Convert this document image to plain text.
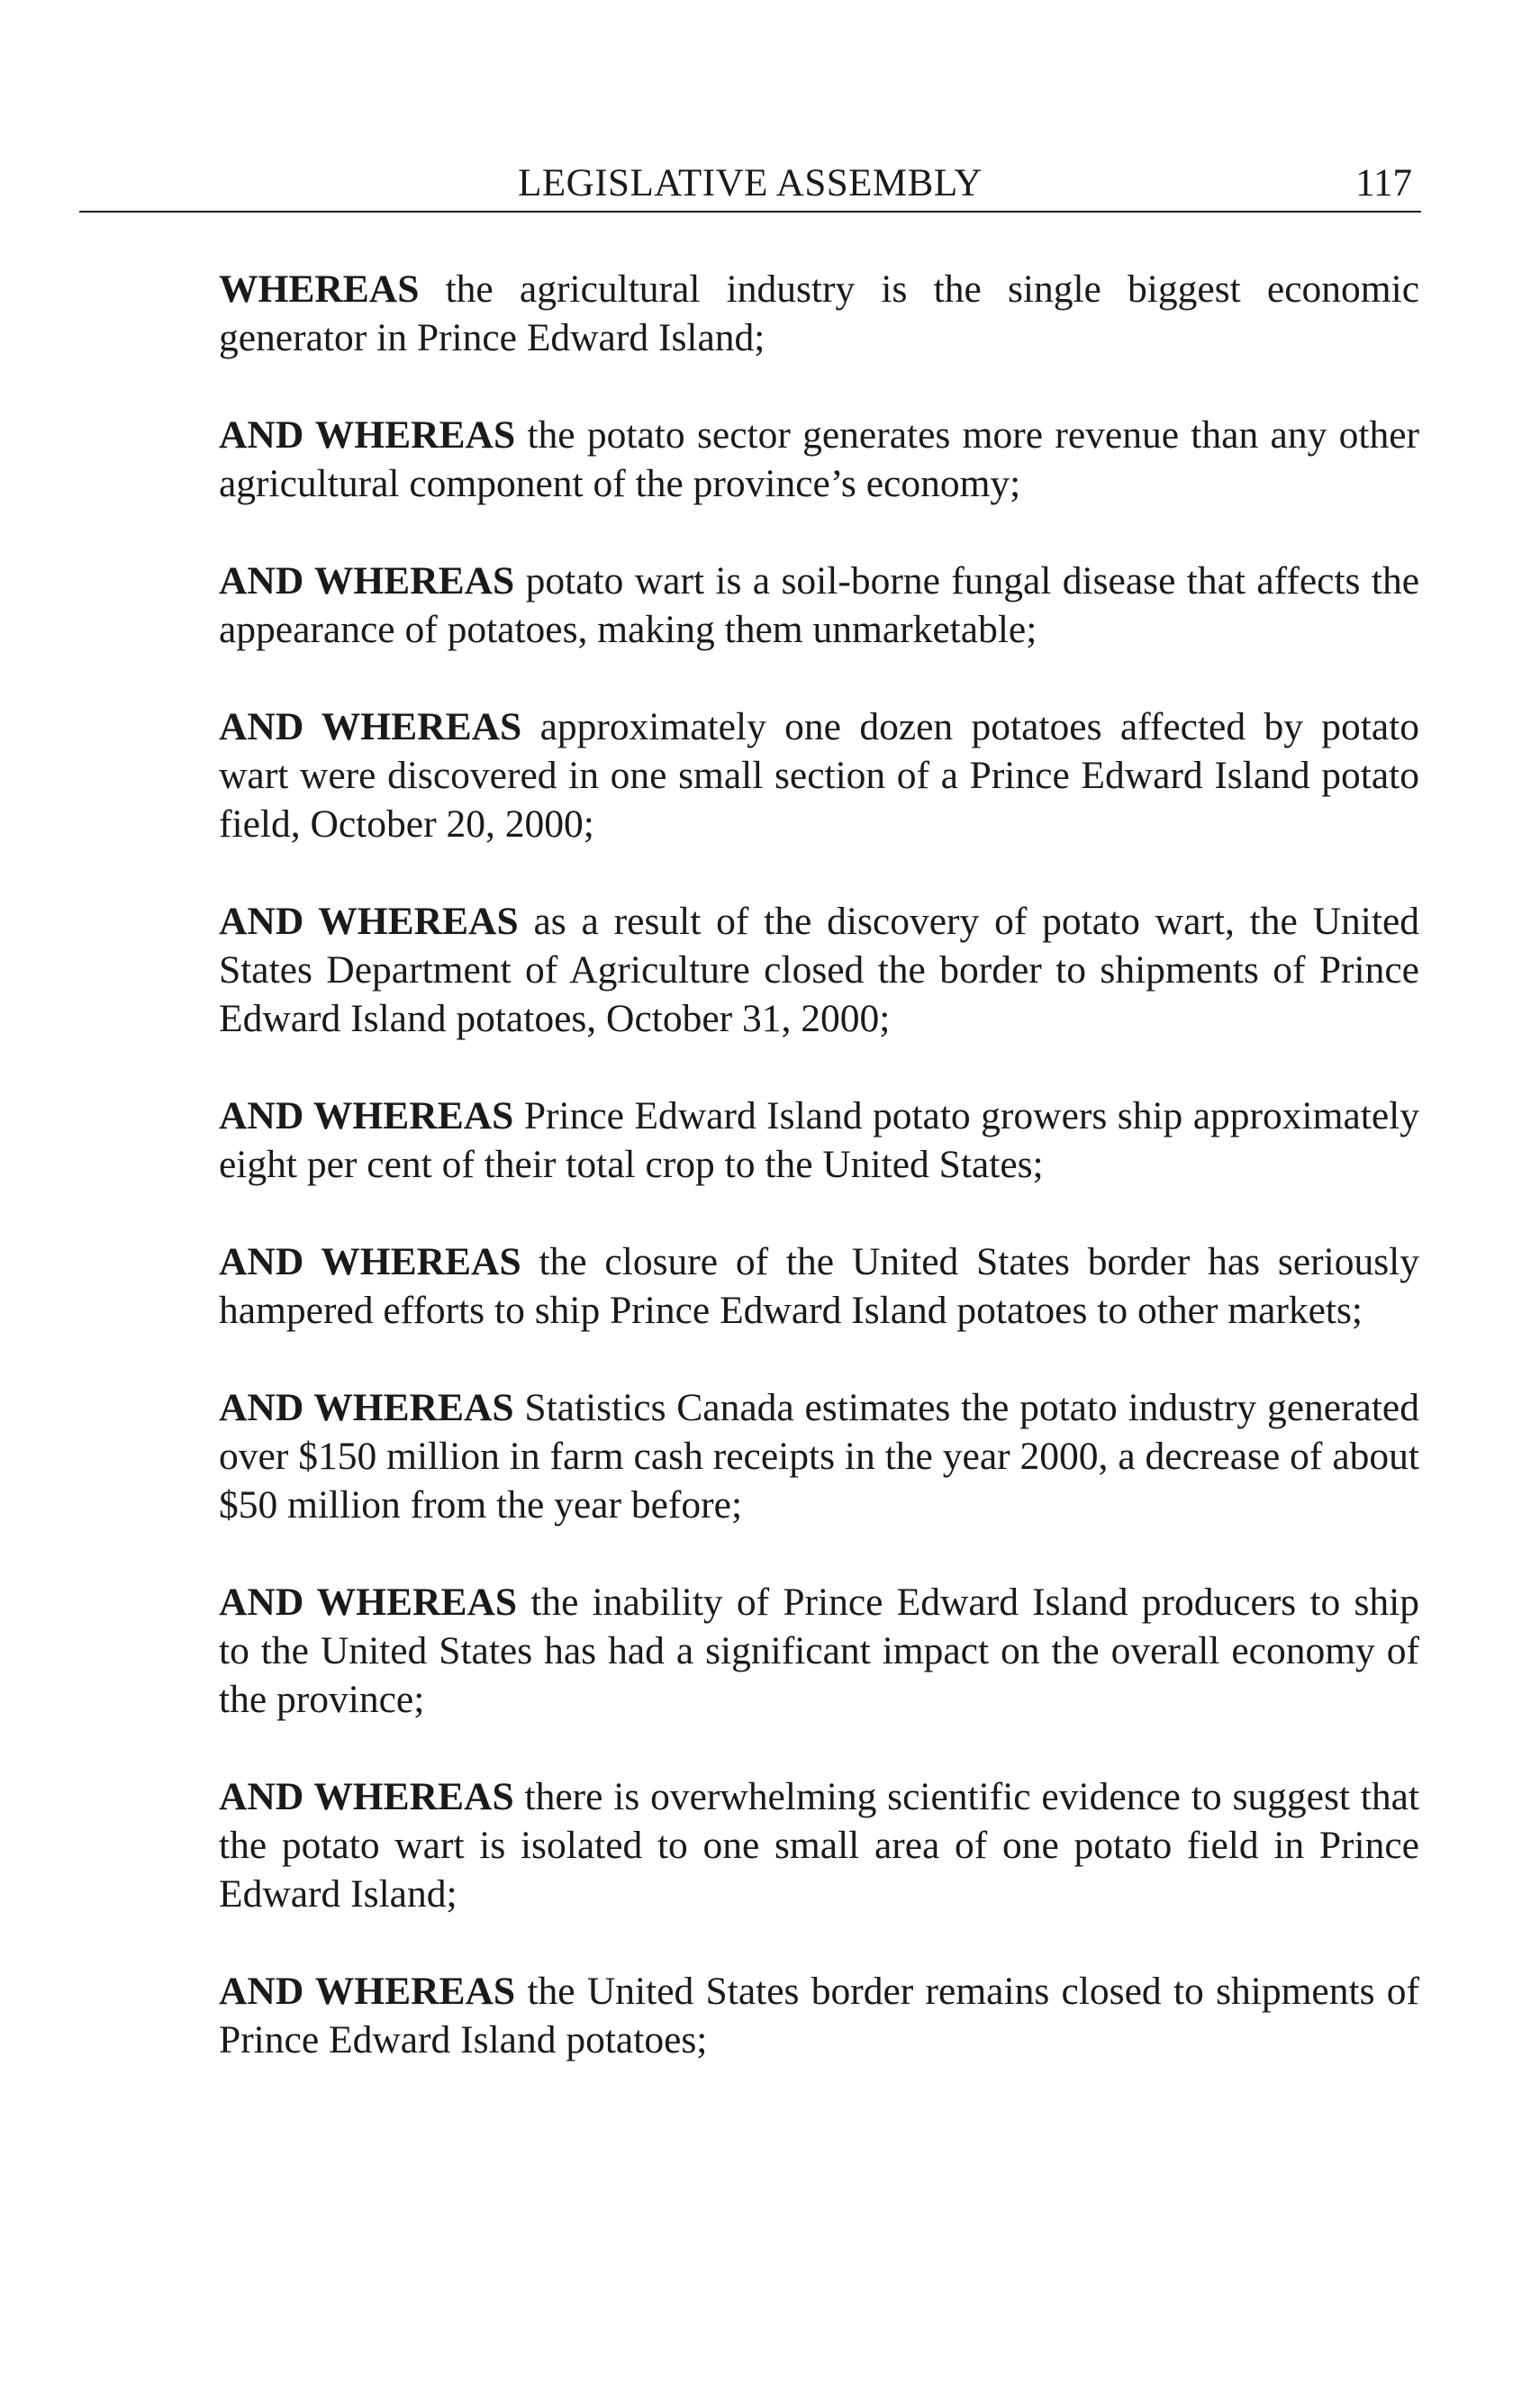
LEGISLATIVE ASSEMBLY	117

WHEREAS the agricultural industry is the single biggest economic generator in Prince Edward Island;

AND WHEREAS the potato sector generates more revenue than any other agricultural component of the province’s economy;

AND WHEREAS potato wart is a soil-borne fungal disease that affects the appearance of potatoes, making them unmarketable;

AND WHEREAS approximately one dozen potatoes affected by potato wart were discovered in one small section of a Prince Edward Island potato field, October 20, 2000;

AND WHEREAS as a result of the discovery of potato wart, the United States Department of Agriculture closed the border to shipments of Prince Edward Island potatoes, October 31, 2000;

AND WHEREAS Prince Edward Island potato growers ship approximately eight per cent of their total crop to the United States;

AND WHEREAS the closure of the United States border has seriously hampered efforts to ship Prince Edward Island potatoes to other markets;

AND WHEREAS Statistics Canada estimates the potato industry generated over $150 million in farm cash receipts in the year 2000, a decrease of about $50 million from the year before;

AND WHEREAS the inability of Prince Edward Island producers to ship to the United States has had a significant impact on the overall economy of the province;

AND WHEREAS there is overwhelming scientific evidence to suggest that the potato wart is isolated to one small area of one potato field in Prince Edward Island;

AND WHEREAS the United States border remains closed to shipments of Prince Edward Island potatoes;
